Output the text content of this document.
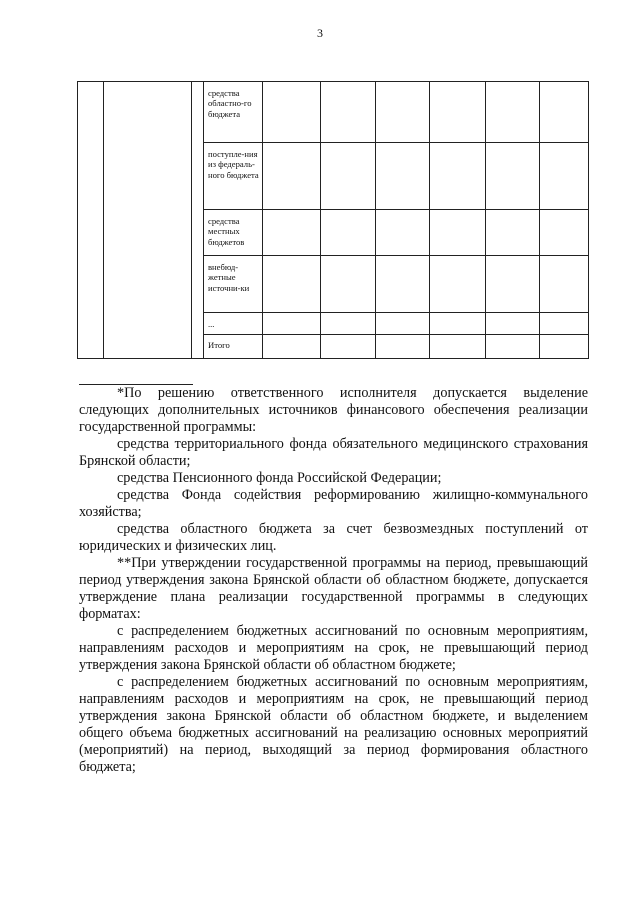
3
			средства областно-го бюджета						
			поступле-ния из федераль-ного бюджета						
			средства местных бюджетов						
			внебюд-жетные источни-ки						
			...						
			Итого						

*По решению ответственного исполнителя допускается выделение следующих дополнительных источников финансового обеспечения реализации государственной программы:

средства территориального фонда обязательного медицинского страхования Брянской области;

средства Пенсионного фонда Российской Федерации;

средства Фонда содействия реформированию жилищно-коммунального хозяйства;

средства областного бюджета за счет безвозмездных поступлений от юридических и физических лиц.

**При утверждении государственной программы на период, превышающий период утверждения закона Брянской области об областном бюджете, допускается утверждение плана реализации государственной программы в следующих форматах:

с распределением бюджетных ассигнований по основным мероприятиям, направлениям расходов и мероприятиям на срок, не превышающий период утверждения закона Брянской области об областном бюджете;

с распределением бюджетных ассигнований по основным мероприятиям, направлениям расходов и мероприятиям на срок, не превышающий период утверждения закона Брянской области об областном бюджете, и выделением общего объема бюджетных ассигнований на реализацию основных мероприятий (мероприятий) на период, выходящий за период формирования областного бюджета;
